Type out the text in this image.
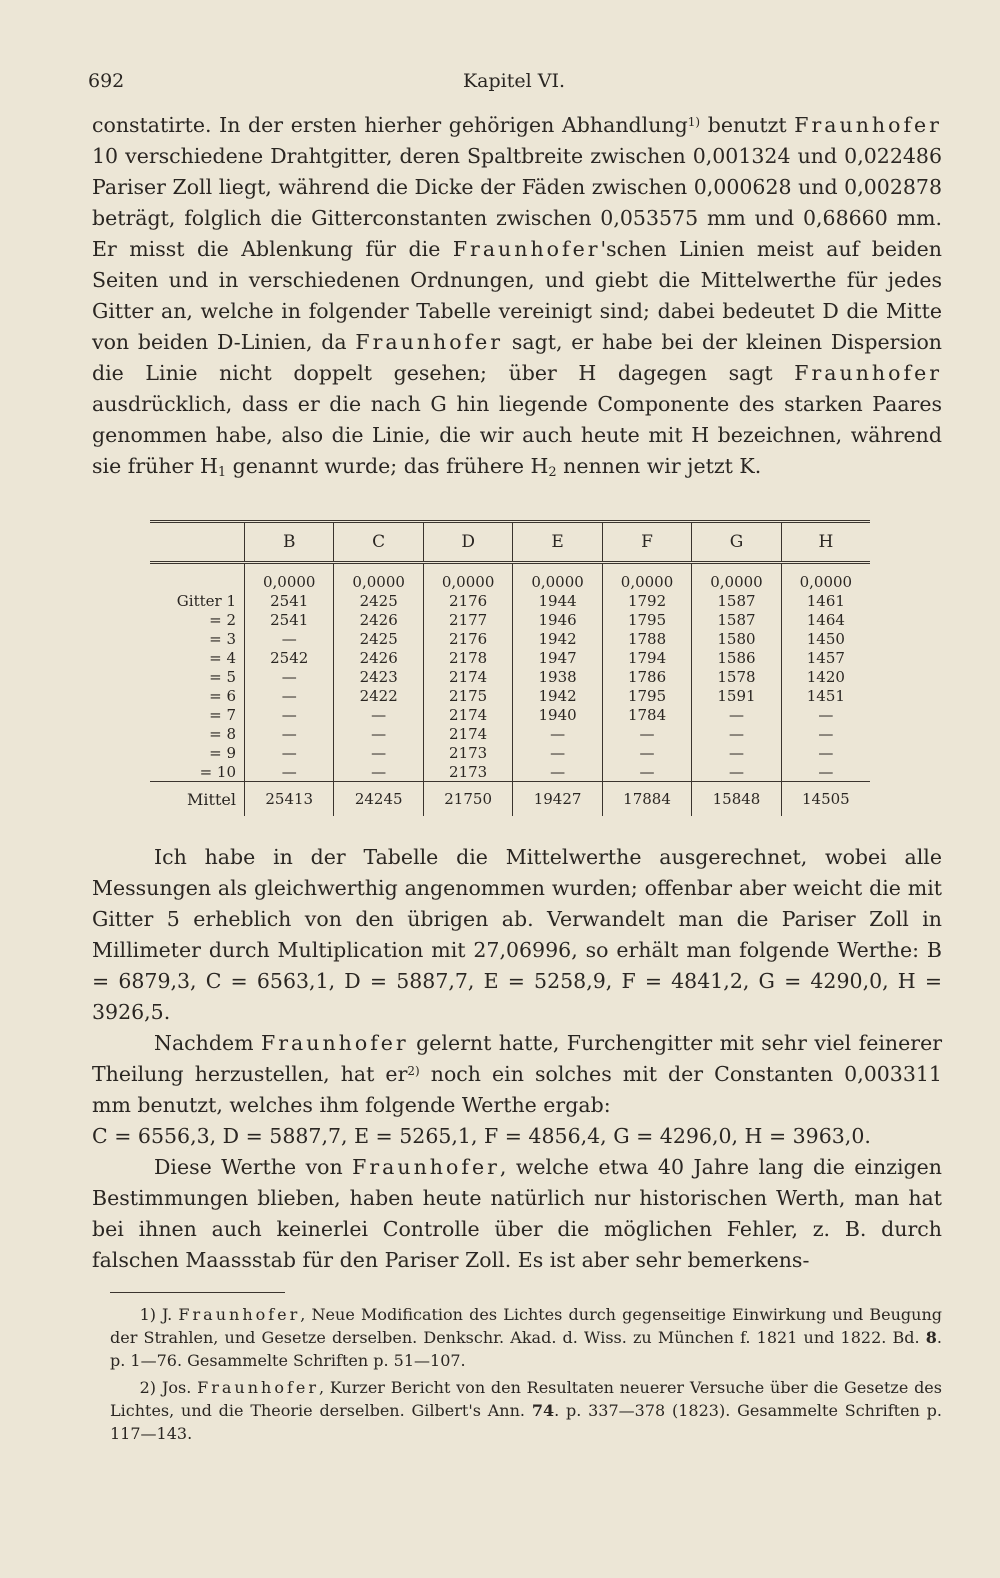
692	Kapitel VI.

constatirte. In der ersten hierher gehörigen Abhandlung$^{1)}$ benutzt Fraunhofer 10 verschiedene Drahtgitter, deren Spaltbreite zwischen 0,001324 und 0,022486 Pariser Zoll liegt, während die Dicke der Fäden zwischen 0,000628 und 0,002878 beträgt, folglich die Gitterconstanten zwischen 0,053575 mm und 0,68660 mm. Er misst die Ablenkung für die Fraunhofer'schen Linien meist auf beiden Seiten und in verschiedenen Ordnungen, und giebt die Mittelwerthe für jedes Gitter an, welche in folgender Tabelle vereinigt sind; dabei bedeutet D die Mitte von beiden D-Linien, da Fraunhofer sagt, er habe bei der kleinen Dispersion die Linie nicht doppelt gesehen; über H dagegen sagt Fraunhofer ausdrücklich, dass er die nach G hin liegende Componente des starken Paares genommen habe, also die Linie, die wir auch heute mit H bezeichnen, während sie früher $H_1$ genannt wurde; das frühere $H_2$ nennen wir jetzt K.

	B	C	D	E	F	G	H
	0,0000	0,0000	0,0000	0,0000	0,0000	0,0000	0,0000
Gitter 1	2541	2425	2176	1944	1792	1587	1461
= 2	2541	2426	2177	1946	1795	1587	1464
= 3	—	2425	2176	1942	1788	1580	1450
= 4	2542	2426	2178	1947	1794	1586	1457
= 5	—	2423	2174	1938	1786	1578	1420
= 6	—	2422	2175	1942	1795	1591	1451
= 7	—	—	2174	1940	1784	—	—
= 8	—	—	2174	—	—	—	—
= 9	—	—	2173	—	—	—	—
= 10	—	—	2173	—	—	—	—
Mittel	25413	24245	21750	19427	17884	15848	14505

Ich habe in der Tabelle die Mittelwerthe ausgerechnet, wobei alle Messungen als gleichwerthig angenommen wurden; offenbar aber weicht die mit Gitter 5 erheblich von den übrigen ab. Verwandelt man die Pariser Zoll in Millimeter durch Multiplication mit 27,06996, so erhält man folgende Werthe: B = 6879,3, C = 6563,1, D = 5887,7, E = 5258,9, F = 4841,2, G = 4290,0, H = 3926,5.

Nachdem Fraunhofer gelernt hatte, Furchengitter mit sehr viel feinerer Theilung herzustellen, hat $er^{2)}$ noch ein solches mit der Constanten 0,003311 mm benutzt, welches ihm folgende Werthe ergab:

C = 6556,3, D = 5887,7, E = 5265,1, F = 4856,4, G = 4296,0, H = 3963,0.

Diese Werthe von Fraunhofer, welche etwa 40 Jahre lang die einzigen Bestimmungen blieben, haben heute natürlich nur historischen Werth, man hat bei ihnen auch keinerlei Controlle über die möglichen Fehler, z. B. durch falschen Maassstab für den Pariser Zoll. Es ist aber sehr bemerkens-

1) J. Fraunhofer, Neue Modification des Lichtes durch gegenseitige Einwirkung und Beugung der Strahlen, und Gesetze derselben. Denkschr. Akad. d. Wiss. zu München f. 1821 und 1822. Bd. 8. p. 1—76. Gesammelte Schriften p. 51—107.

2) Jos. Fraunhofer, Kurzer Bericht von den Resultaten neuerer Versuche über die Gesetze des Lichtes, und die Theorie derselben. Gilbert's Ann. 74. p. 337—378 (1823). Gesammelte Schriften p. 117—143.
